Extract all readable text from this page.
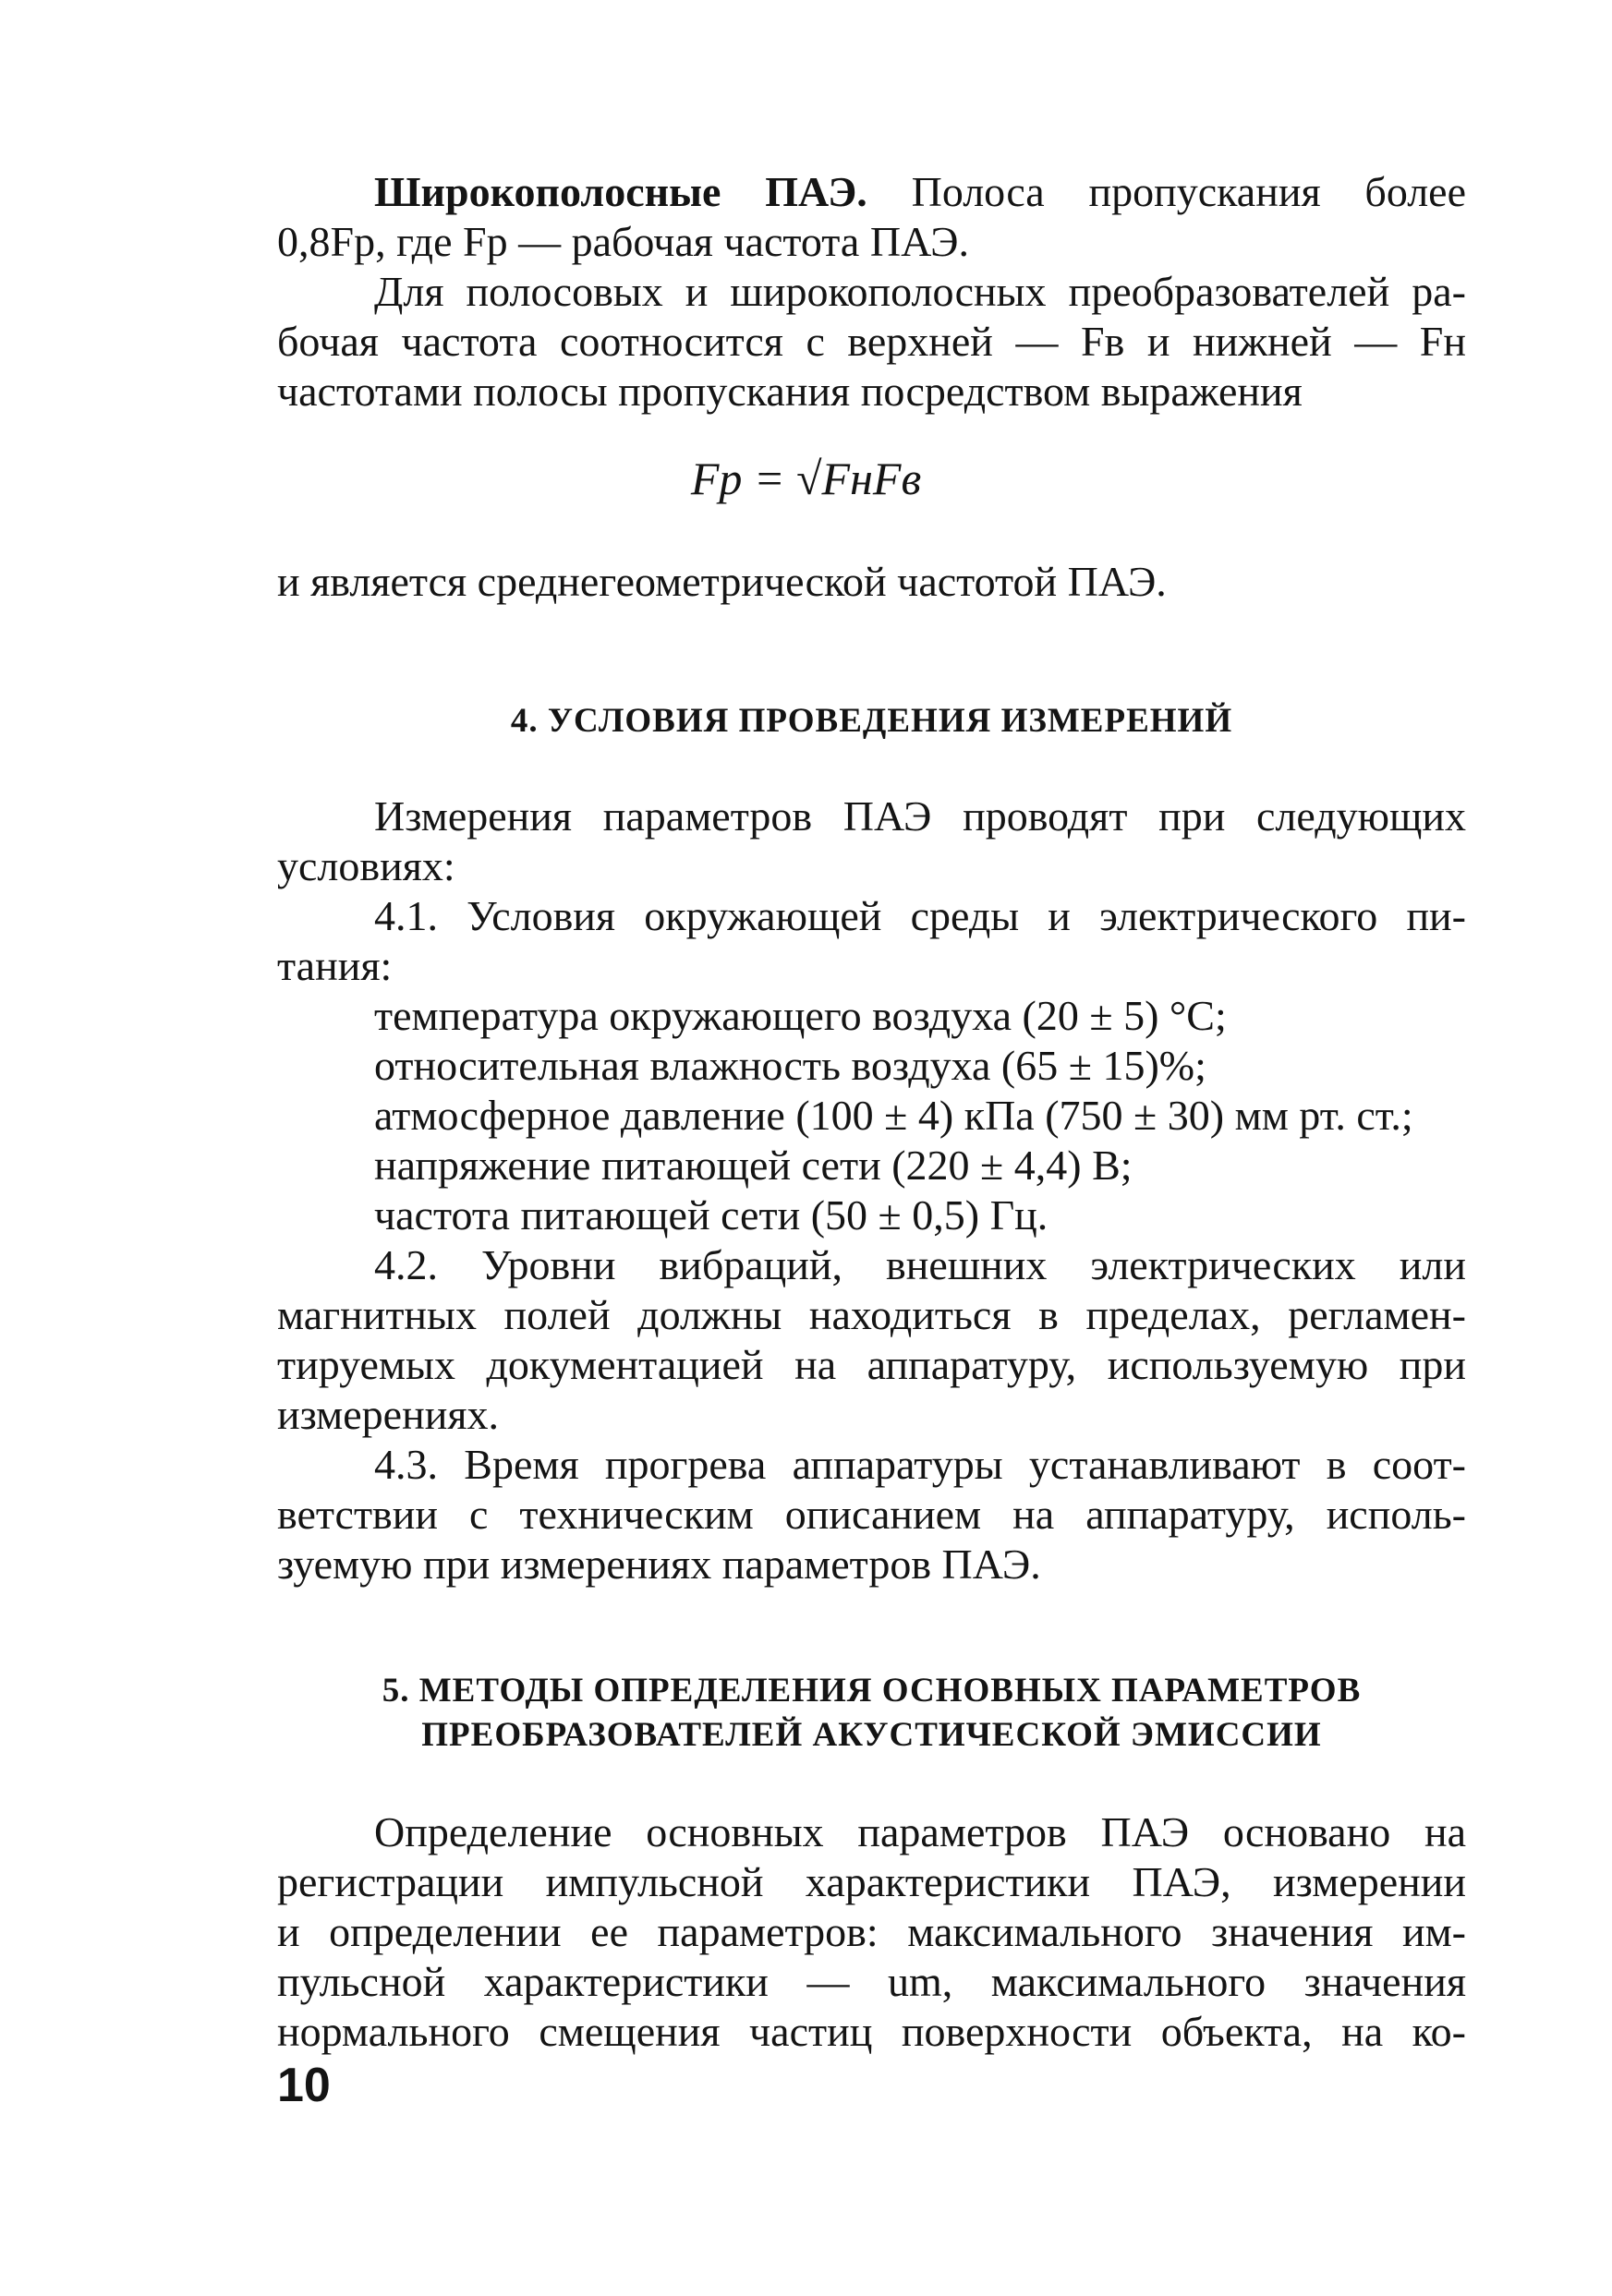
Широкополосные ПАЭ. Полоса пропускания более
0,8Fр, где Fр — рабочая частота ПАЭ.
Для полосовых и широкополосных преобразователей ра-
бочая частота соотносится с верхней — Fв и нижней — Fн
частотами полосы пропускания посредством выражения
Fр = √FнFв
и является среднегеометрической частотой ПАЭ.
4. УСЛОВИЯ ПРОВЕДЕНИЯ ИЗМЕРЕНИЙ
Измерения параметров ПАЭ проводят при следующих
условиях:
4.1. Условия окружающей среды и электрического пи-
тания:
температура окружающего воздуха (20 ± 5) °С;
относительная влажность воздуха (65 ± 15)%;
атмосферное давление (100 ± 4) кПа (750 ± 30) мм рт. ст.;
напряжение питающей сети (220 ± 4,4) В;
частота питающей сети (50 ± 0,5) Гц.
4.2. Уровни вибраций, внешних электрических или
магнитных полей должны находиться в пределах, регламен-
тируемых документацией на аппаратуру, используемую при
измерениях.
4.3. Время прогрева аппаратуры устанавливают в соот-
ветствии с техническим описанием на аппаратуру, исполь-
зуемую при измерениях параметров ПАЭ.
5. МЕТОДЫ ОПРЕДЕЛЕНИЯ ОСНОВНЫХ ПАРАМЕТРОВ
ПРЕОБРАЗОВАТЕЛЕЙ АКУСТИЧЕСКОЙ ЭМИССИИ
Определение основных параметров ПАЭ основано на
регистрации импульсной характеристики ПАЭ, измерении
и определении ее параметров: максимального значения им-
пульсной характеристики — um, максимального значения
нормального смещения частиц поверхности объекта, на ко-
10
